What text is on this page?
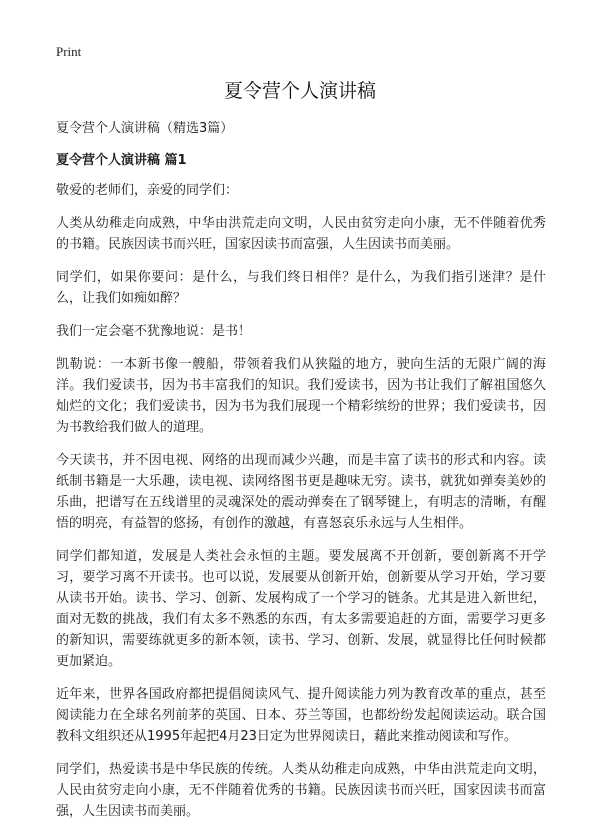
Print
夏令营个人演讲稿

夏令营个人演讲稿（精选3篇）

夏令营个人演讲稿 篇1

敬爱的老师们，亲爱的同学们：

人类从幼稚走向成熟，中华由洪荒走向文明，人民由贫穷走向小康，无不伴随着优秀的书籍。民族因读书而兴旺，国家因读书而富强，人生因读书而美丽。

同学们，如果你要问：是什么，与我们终日相伴？是什么，为我们指引迷津？是什么，让我们如痴如醉？

我们一定会毫不犹豫地说：是书！

凯勒说：一本新书像一艘船，带领着我们从狭隘的地方，驶向生活的无限广阔的海洋。我们爱读书，因为书丰富我们的知识。我们爱读书，因为书让我们了解祖国悠久灿烂的文化；我们爱读书，因为书为我们展现一个精彩缤纷的世界；我们爱读书，因为书教给我们做人的道理。

今天读书，并不因电视、网络的出现而减少兴趣，而是丰富了读书的形式和内容。读纸制书籍是一大乐趣，读电视、读网络图书更是趣味无穷。读书，就犹如弹奏美妙的乐曲，把谱写在五线谱里的灵魂深处的震动弹奏在了钢琴键上，有明志的清晰，有醒悟的明亮，有益智的悠扬，有创作的激越，有喜怒哀乐永远与人生相伴。

同学们都知道，发展是人类社会永恒的主题。要发展离不开创新，要创新离不开学习，要学习离不开读书。也可以说，发展要从创新开始，创新要从学习开始，学习要从读书开始。读书、学习、创新、发展构成了一个学习的链条。尤其是进入新世纪，面对无数的挑战，我们有太多不熟悉的东西，有太多需要追赶的方面，需要学习更多的新知识，需要练就更多的新本领，读书、学习、创新、发展，就显得比任何时候都更加紧迫。

近年来，世界各国政府都把提倡阅读风气、提升阅读能力列为教育改革的重点，甚至阅读能力在全球名列前茅的英国、日本、芬兰等国，也都纷纷发起阅读运动。联合国教科文组织还从1995年起把4月23日定为世界阅读日，藉此来推动阅读和写作。

同学们，热爱读书是中华民族的传统。人类从幼稚走向成熟，中华由洪荒走向文明，人民由贫穷走向小康，无不伴随着优秀的书籍。民族因读书而兴旺，国家因读书而富强，人生因读书而美丽。
